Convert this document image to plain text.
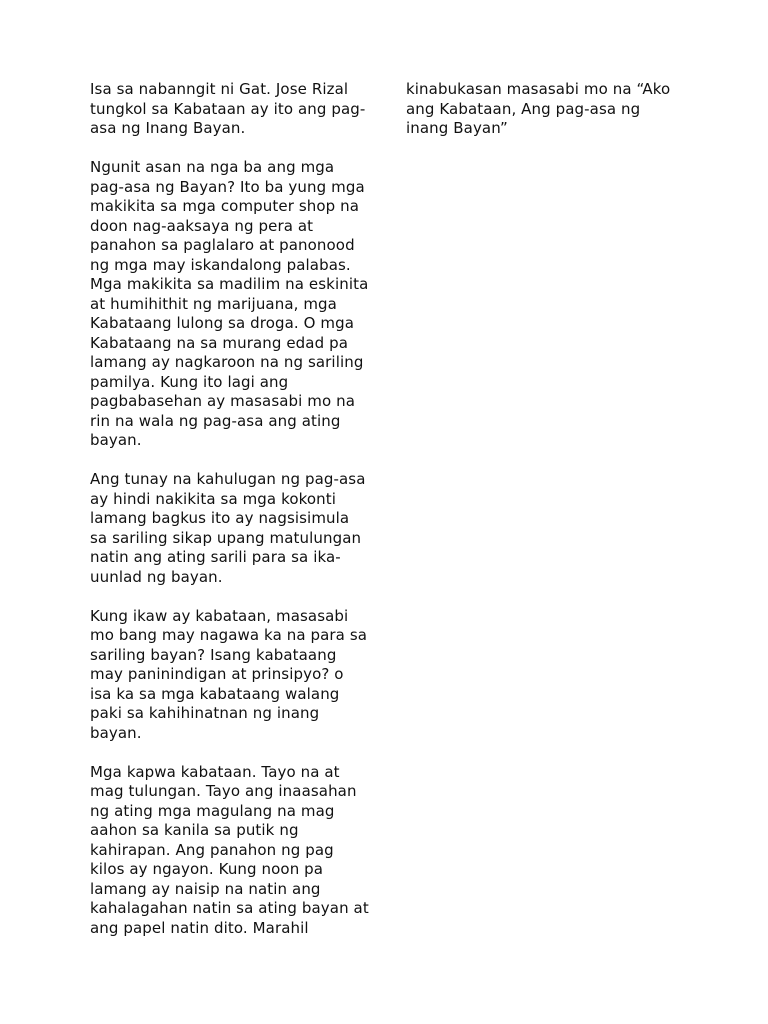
Isa sa nabanngit ni Gat. Jose Rizal
tungkol sa Kabataan ay ito ang pag-
asa ng Inang Bayan.

Ngunit asan na nga ba ang mga
pag-asa ng Bayan? Ito ba yung mga
makikita sa mga computer shop na
doon nag-aaksaya ng pera at
panahon sa paglalaro at panonood
ng mga may iskandalong palabas.
Mga makikita sa madilim na eskinita
at humihithit ng marijuana, mga
Kabataang lulong sa droga. O mga
Kabataang na sa murang edad pa
lamang ay nagkaroon na ng sariling
pamilya. Kung ito lagi ang
pagbabasehan ay masasabi mo na
rin na wala ng pag-asa ang ating
bayan.

Ang tunay na kahulugan ng pag-asa
ay hindi nakikita sa mga kokonti
lamang bagkus ito ay nagsisimula
sa sariling sikap upang matulungan
natin ang ating sarili para sa ika-
uunlad ng bayan.

Kung ikaw ay kabataan, masasabi
mo bang may nagawa ka na para sa
sariling bayan? Isang kabataang
may paninindigan at prinsipyo? o
isa ka sa mga kabataang walang
paki sa kahihinatnan ng inang
bayan.

Mga kapwa kabataan. Tayo na at
mag tulungan. Tayo ang inaasahan
ng ating mga magulang na mag
aahon sa kanila sa putik ng
kahirapan. Ang panahon ng pag
kilos ay ngayon. Kung noon pa
lamang ay naisip na natin ang
kahalagahan natin sa ating bayan at
ang papel natin dito. Marahil

kinabukasan masasabi mo na “Ako
ang Kabataan, Ang pag-asa ng
inang Bayan”
